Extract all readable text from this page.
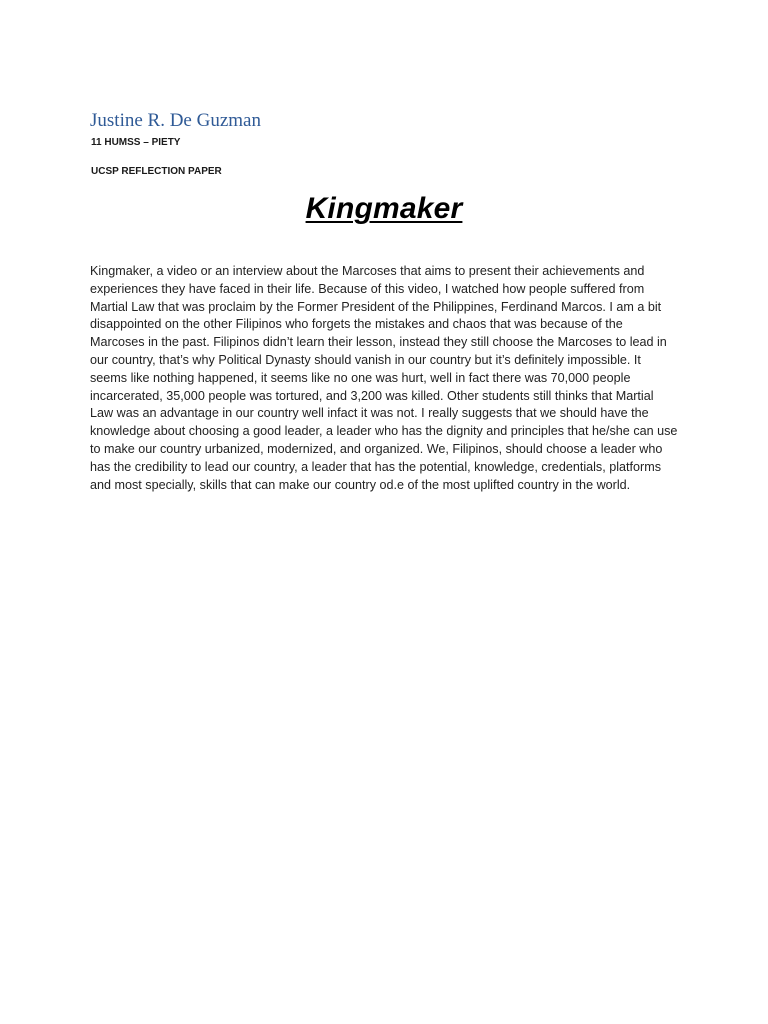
Justine R. De Guzman

11 HUMSS – PIETY

UCSP REFLECTION PAPER

Kingmaker

Kingmaker, a video or an interview about the Marcoses that aims to present their achievements and experiences they have faced in their life. Because of this video, I watched how people suffered from Martial Law that was proclaim by the Former President of the Philippines, Ferdinand Marcos. I am a bit disappointed on the other Filipinos who forgets the mistakes and chaos that was because of the Marcoses in the past. Filipinos didn’t learn their lesson, instead they still choose the Marcoses to lead in our country, that’s why Political Dynasty should vanish in our country but it’s definitely impossible. It seems like nothing happened, it seems like no one was hurt, well in fact there was 70,000 people incarcerated, 35,000 people was tortured, and 3,200 was killed. Other students still thinks that Martial Law was an advantage in our country well infact it was not. I really suggests that we should have the knowledge about choosing a good leader, a leader who has the dignity and principles that he/she can use to make our country urbanized, modernized, and organized. We, Filipinos, should choose a leader who has the credibility to lead our country, a leader that has the potential, knowledge, credentials, platforms and most specially, skills that can make our country od.e of the most uplifted country in the world.
